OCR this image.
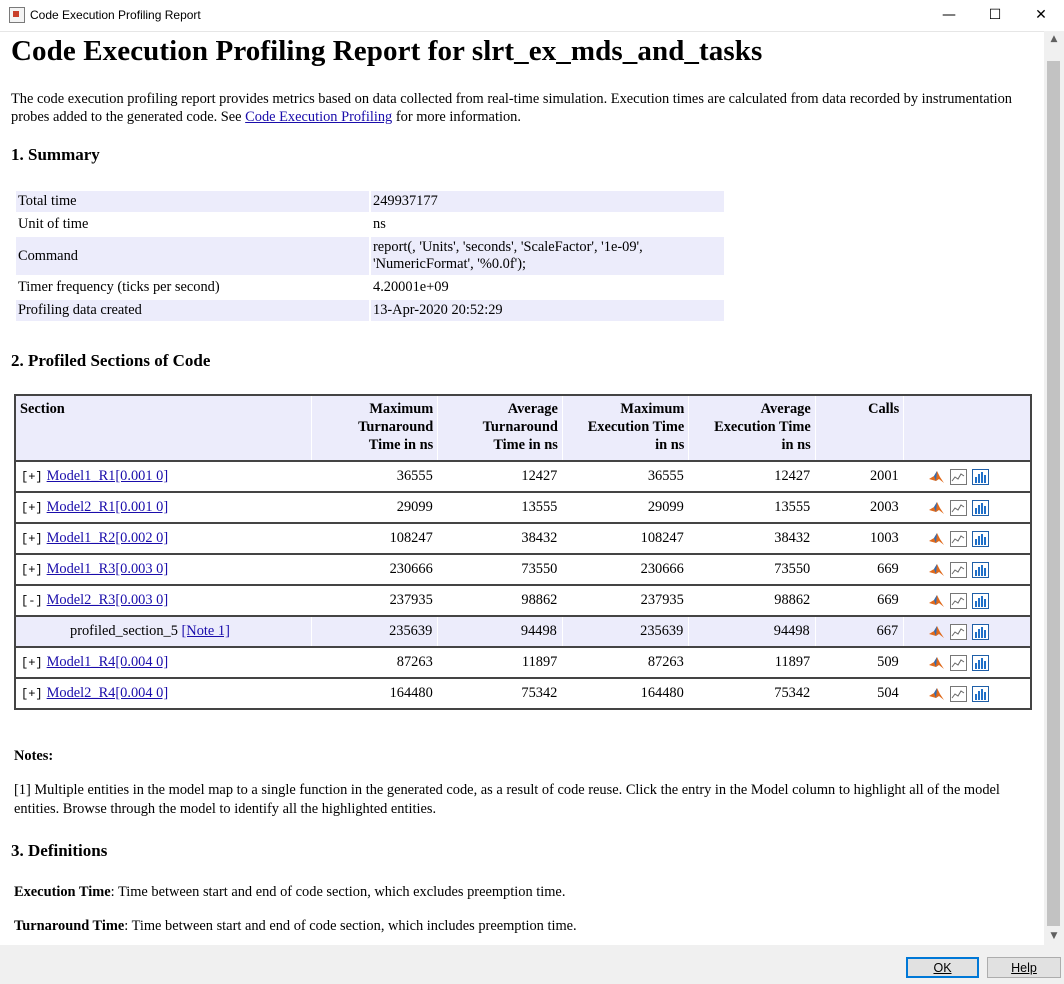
Code Execution Profiling Report	—	☐	✕
Code Execution Profiling Report for slrt_ex_mds_and_tasks

The code execution profiling report provides metrics based on data collected from real-time simulation. Execution times are calculated from data recorded by instrumentation probes added to the generated code. See Code Execution Profiling for more information.

1. Summary
Total time	249937177
Unit of time	ns
Command	report(, 'Units', 'seconds', 'ScaleFactor', '1e-09', 'NumericFormat', '%0.0f');
Timer frequency (ticks per second)	4.20001e+09
Profiling data created	13-Apr-2020 20:52:29
2. Profiled Sections of Code
Section	Maximum
Turnaround
Time in ns	Average
Turnaround
Time in ns	Maximum
Execution Time
in ns	Average
Execution Time
in ns	Calls	
[+] Model1_R1[0.001 0]	36555	12427	36555	12427	2001	
[+] Model2_R1[0.001 0]	29099	13555	29099	13555	2003	
[+] Model1_R2[0.002 0]	108247	38432	108247	38432	1003	
[+] Model1_R3[0.003 0]	230666	73550	230666	73550	669	
[-] Model2_R3[0.003 0]	237935	98862	237935	98862	669	
profiled_section_5 [Note 1]	235639	94498	235639	94498	667	
[+] Model1_R4[0.004 0]	87263	11897	87263	11897	509	
[+] Model2_R4[0.004 0]	164480	75342	164480	75342	504	

Notes:

[1] Multiple entities in the model map to a single function in the generated code, as a result of code reuse. Click the entry in the Model column to highlight all of the model entities. Browse through the model to identify all the highlighted entities.

3. Definitions

Execution Time: Time between start and end of code section, which excludes preemption time.

Turnaround Time: Time between start and end of code section, which includes preemption time.

▲
▼
OK	Help
